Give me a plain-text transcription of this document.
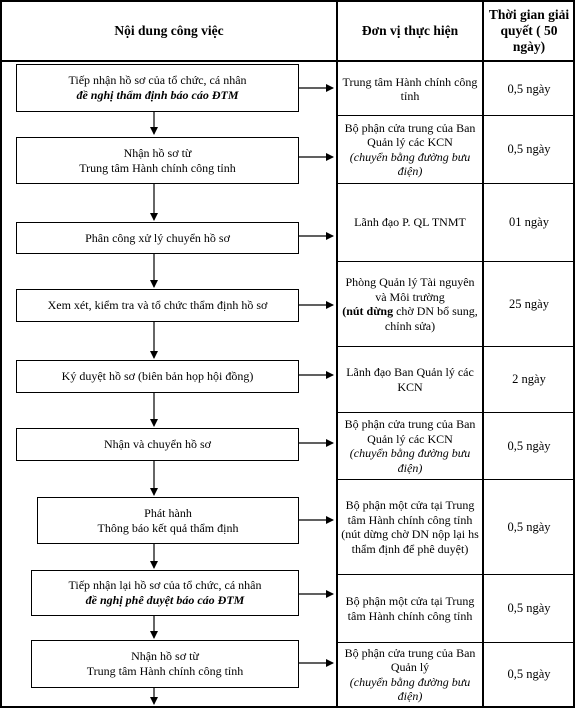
Nội dung công việc	Đơn vị thực hiện
Thời gian giải quyết ( 50 ngày)
Tiếp nhận hồ sơ của tổ chức, cá nhân
đề nghị thẩm định báo cáo ĐTM
Nhận hồ sơ từ
Trung tâm Hành chính công tỉnh
Phân công xử lý chuyển hồ sơ
Xem xét, kiểm tra và tổ chức thẩm định hồ sơ
Ký duyệt hồ sơ (biên bản họp hội đồng)
Nhận và chuyển hồ sơ
Phát hành
Thông báo kết quả thẩm định
Tiếp nhận lại hồ sơ của tổ chức, cá nhân
đề nghị phê duyệt báo cáo ĐTM
Nhận hồ sơ từ
Trung tâm Hành chính công tỉnh
Trung tâm Hành chính công tỉnh
Bộ phận cửa trung của Ban Quản lý các KCN
(chuyển bằng đường bưu điện)
Lãnh đạo P. QL TNMT
Phòng Quản lý Tài nguyên và Môi trường
(nút dừng chờ DN bổ sung, chỉnh sửa)
Lãnh đạo Ban Quản lý các KCN
Bộ phận cửa trung của Ban Quản lý các KCN
(chuyển bằng đường bưu điện)
Bộ phận một cửa tại Trung tâm Hành chính công tỉnh
(nút dừng chờ DN nộp lại hs thẩm định để phê duyệt)
Bộ phận một cửa tại Trung tâm Hành chính công tỉnh
Bộ phận cửa trung của Ban Quản lý
(chuyển bằng đường bưu điện)
0,5 ngày
0,5 ngày
01 ngày
25 ngày
2 ngày
0,5 ngày
0,5 ngày
0,5 ngày
0,5 ngày
